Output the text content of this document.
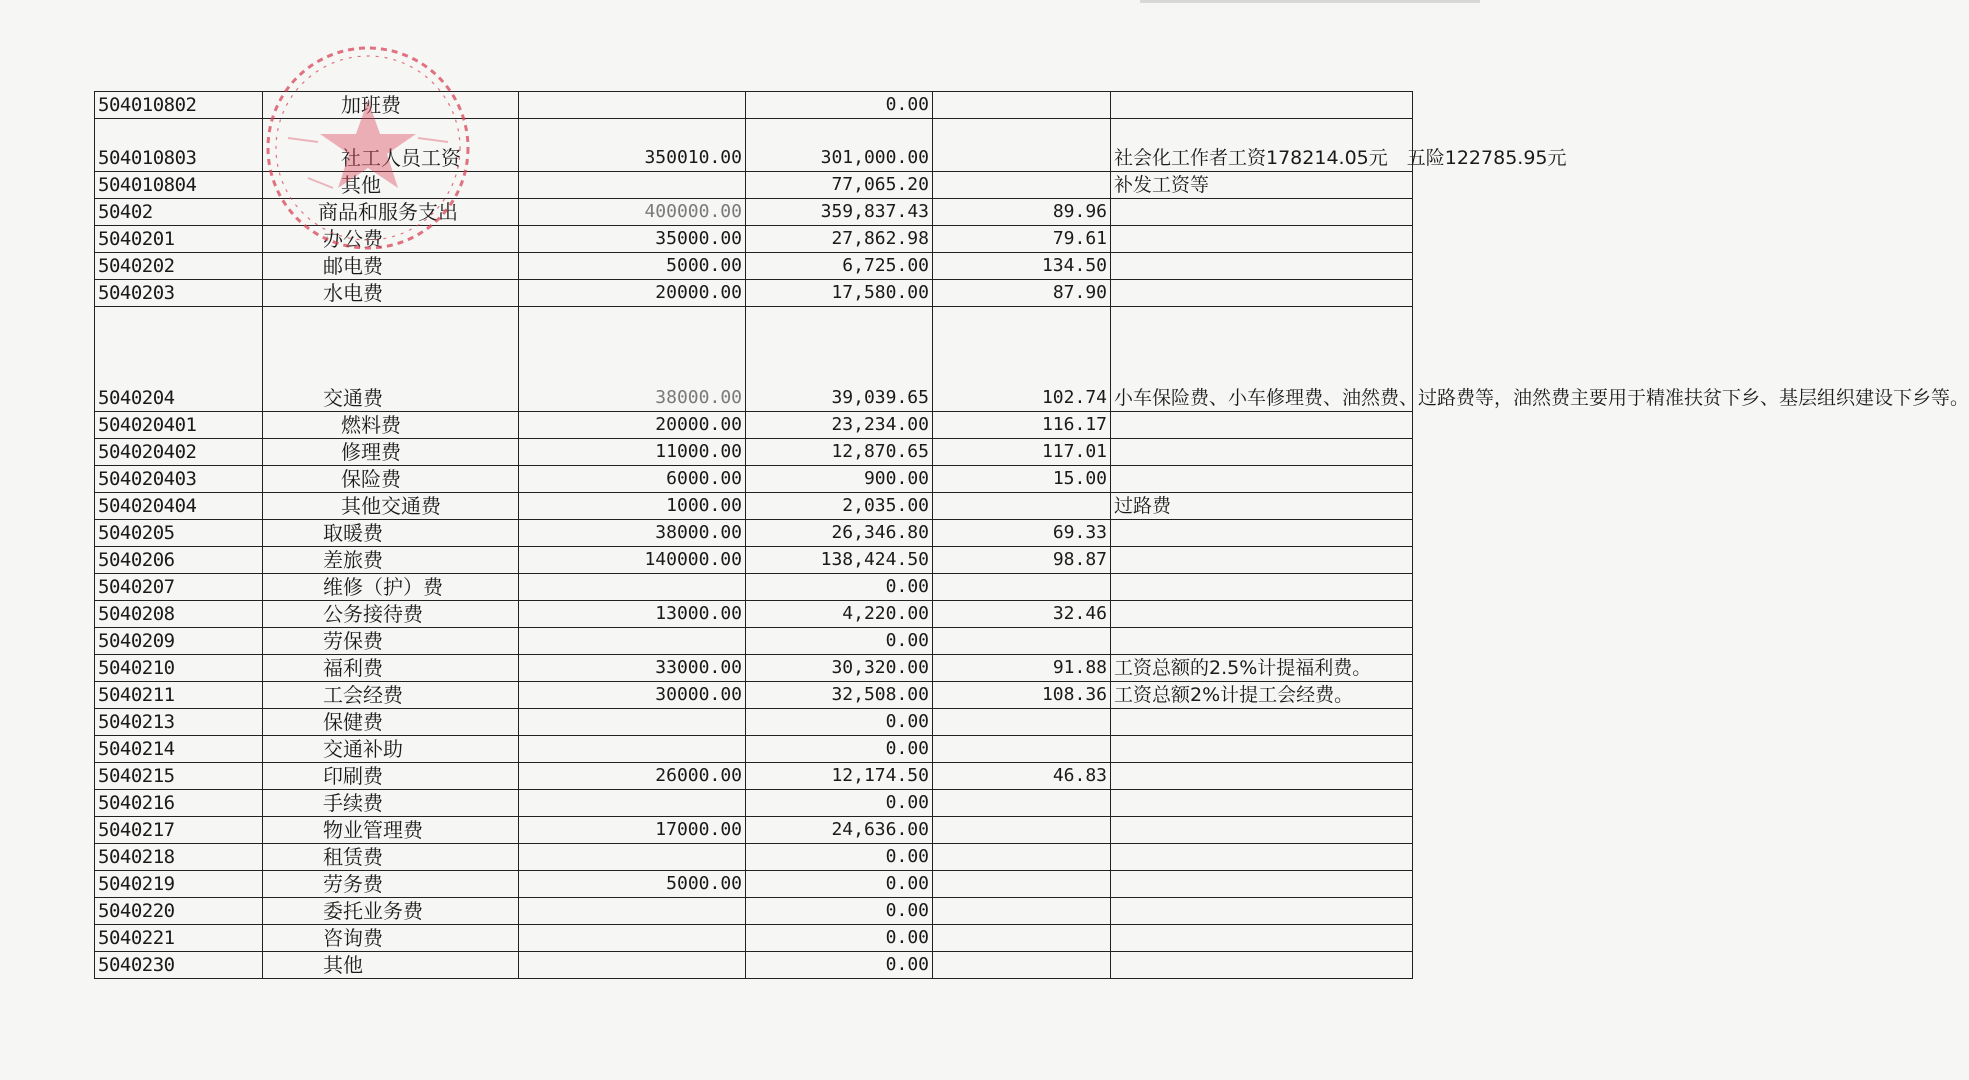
504010802	加班费		0.00		
504010803	社工人员工资	350010.00	301,000.00		社会化工作者工资178214.05元　五险122785.95元
504010804	其他		77,065.20		补发工资等
50402	商品和服务支出	400000.00	359,837.43	89.96	
5040201	办公费	35000.00	27,862.98	79.61	
5040202	邮电费	5000.00	6,725.00	134.50	
5040203	水电费	20000.00	17,580.00	87.90	
5040204	交通费	38000.00	39,039.65	102.74	小车保险费、小车修理费、油然费、过路费等，油然费主要用于精准扶贫下乡、基层组织建设下乡等。
504020401	燃料费	20000.00	23,234.00	116.17	
504020402	修理费	11000.00	12,870.65	117.01	
504020403	保险费	6000.00	900.00	15.00	
504020404	其他交通费	1000.00	2,035.00		过路费
5040205	取暖费	38000.00	26,346.80	69.33	
5040206	差旅费	140000.00	138,424.50	98.87	
5040207	维修（护）费		0.00		
5040208	公务接待费	13000.00	4,220.00	32.46	
5040209	劳保费		0.00		
5040210	福利费	33000.00	30,320.00	91.88	工资总额的2.5%计提福利费。
5040211	工会经费	30000.00	32,508.00	108.36	工资总额2%计提工会经费。
5040213	保健费		0.00		
5040214	交通补助		0.00		
5040215	印刷费	26000.00	12,174.50	46.83	
5040216	手续费		0.00		
5040217	物业管理费	17000.00	24,636.00		
5040218	租赁费		0.00		
5040219	劳务费	5000.00	0.00		
5040220	委托业务费		0.00		
5040221	咨询费		0.00		
5040230	其他		0.00		
